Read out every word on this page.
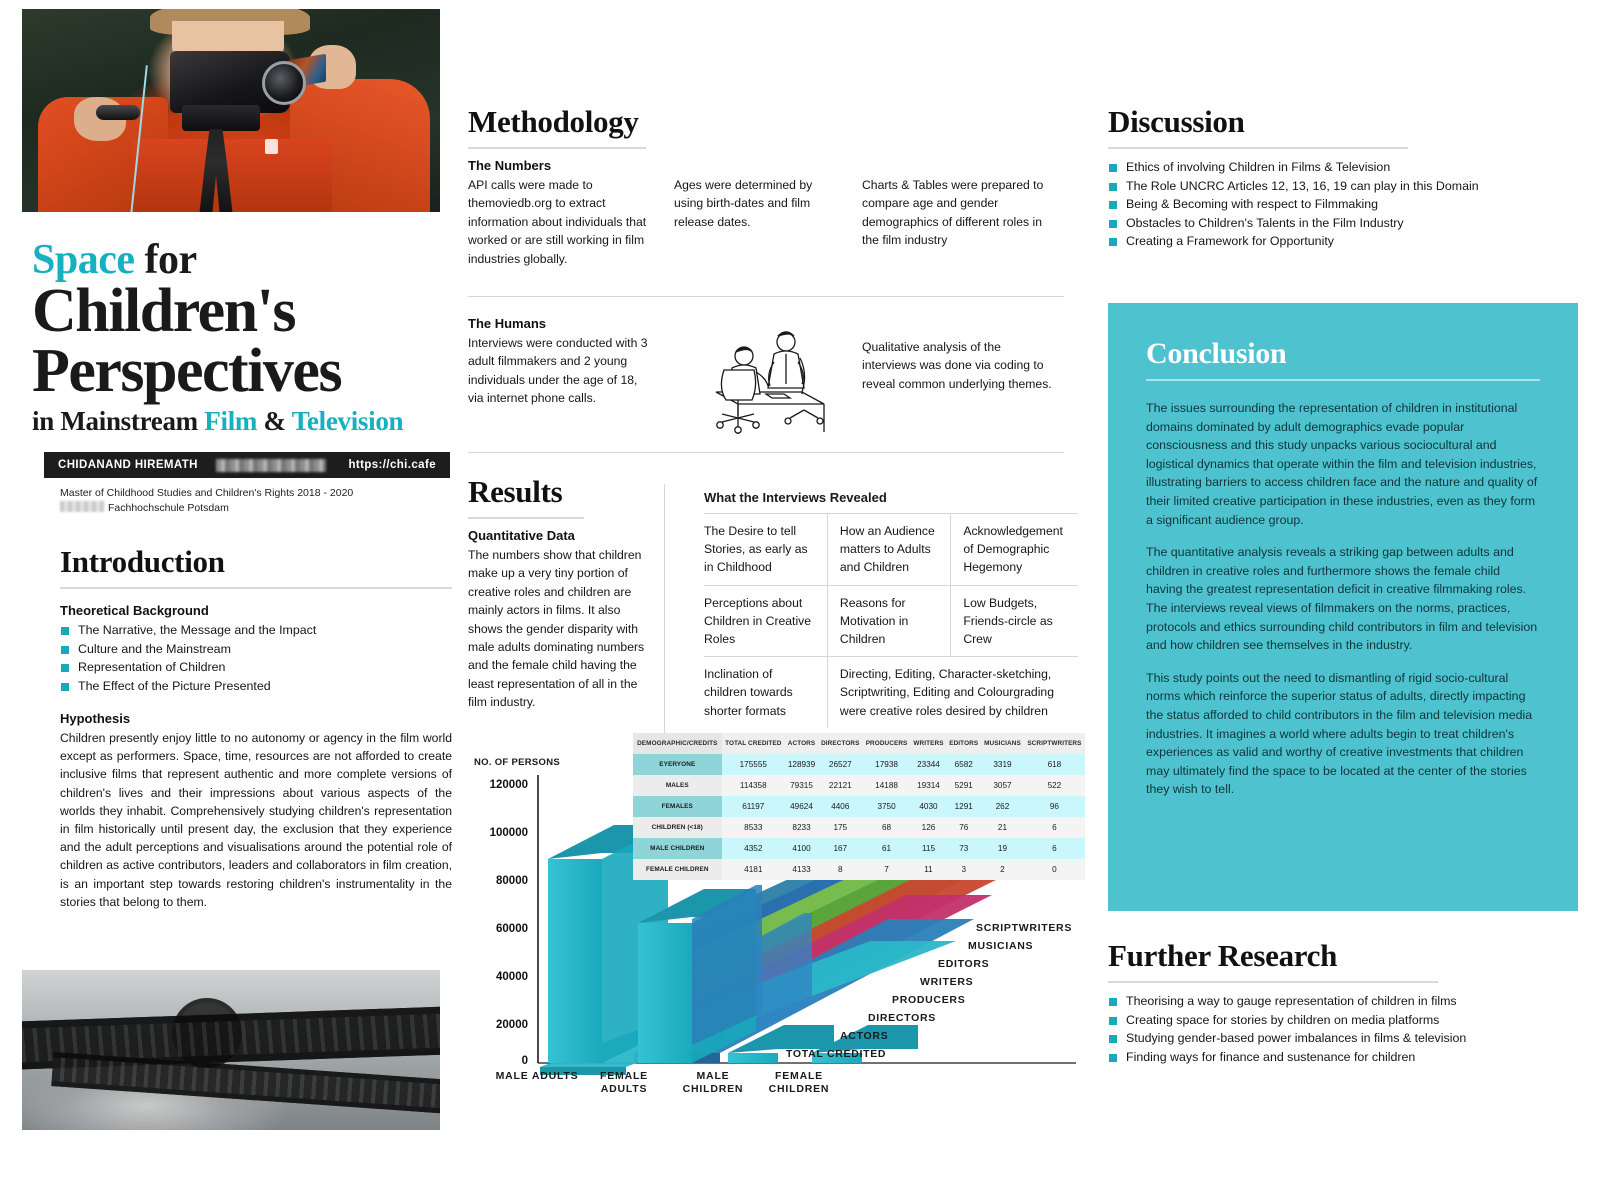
Space for
Children's
Perspectives
in Mainstream Film & Television
CHIDANAND HIREMATH	https://chi.cafe
Master of Childhood Studies and Children's Rights 2018 - 2020
Fachhochschule Potsdam
Introduction
Theoretical Background
The Narrative, the Message and the Impact
Culture and the Mainstream
Representation of Children
The Effect of the Picture Presented
Hypothesis
Children presently enjoy little to no autonomy or agency in the film world except as performers. Space, time, resources are not afforded to create inclusive films that represent authentic and more complete versions of children's lives and their impressions about various aspects of the worlds they inhabit. Comprehensively studying children's representation in film historically until present day, the exclusion that they experience and the adult perceptions and visualisations around the potential role of children as active contributors, leaders and collaborators in film creation, is an important step towards restoring children's instrumentality in the stories that belong to them.
Methodology
The Numbers
API calls were made to themoviedb.org to extract information about individuals that worked or are still working in film industries globally.
Ages were determined by using birth-dates and film release dates.
Charts & Tables were prepared to compare age and gender demographics of different roles in the film industry
The Humans
Interviews were conducted with 3 adult filmmakers and 2 young individuals under the age of 18, via internet phone calls.
Qualitative analysis of the interviews was done via coding to reveal common underlying themes.
Results
Quantitative Data
The numbers show that children make up a very tiny portion of creative roles and children are mainly actors in films. It also shows the gender disparity with male adults dominating numbers and the female child having the least representation of all in the film industry.
What the Interviews Revealed
The Desire to tell Stories, as early as in Childhood	How an Audience matters to Adults and Children	Acknowledgement of Demographic Hegemony
Perceptions about Children in Creative Roles	Reasons for Motivation in Children	Low Budgets, Friends-circle as Crew
Inclination of children towards shorter formats	Directing, Editing, Character-sketching, Scriptwriting, Editing and Colourgrading were creative roles desired by children	
NO. OF PERSONS
120000
100000
80000
60000
40000
20000
0
SCRIPTWRITERS
MUSICIANS
EDITORS
WRITERS
PRODUCERS
DIRECTORS
ACTORS
TOTAL CREDITED
MALE ADULTS	FEMALE ADULTS
MALE CHILDREN
FEMALE CHILDREN
DEMOGRAPHIC/CREDITS	TOTAL CREDITED	ACTORS	DIRECTORS	PRODUCERS	WRITERS	EDITORS	MUSICIANS	SCRIPTWRITERS
EYERYONE	175555	128939	26527	17938	23344	6582	3319	618
MALES	114358	79315	22121	14188	19314	5291	3057	522
FEMALES	61197	49624	4406	3750	4030	1291	262	96
CHILDREN (<18)	8533	8233	175	68	126	76	21	6
MALE CHILDREN	4352	4100	167	61	115	73	19	6
FEMALE CHILDREN	4181	4133	8	7	11	3	2	0
Discussion
Ethics of involving Children in Films & Television
The Role UNCRC Articles 12, 13, 16, 19 can play in this Domain
Being & Becoming with respect to Filmmaking
Obstacles to Children's Talents in the Film Industry
Creating a Framework for Opportunity
Conclusion

The issues surrounding the representation of children in institutional domains dominated by adult demographics evade popular consciousness and this study unpacks various sociocultural and logistical dynamics that operate within the film and television industries, illustrating barriers to access children face and the nature and quality of their limited creative participation in these industries, even as they form a significant audience group.

The quantitative analysis reveals a striking gap between adults and children in creative roles and furthermore shows the female child having the greatest representation deficit in creative filmmaking roles. The interviews reveal views of filmmakers on the norms, practices, protocols and ethics surrounding child contributors in film and television and how children see themselves in the industry.

This study points out the need to dismantling of rigid socio-cultural norms which reinforce the superior status of adults, directly impacting the status afforded to child contributors in the film and television media industries. It imagines a world where adults begin to treat children's experiences as valid and worthy of creative investments that children may ultimately find the space to be located at the center of the stories they wish to tell.

Further Research
Theorising a way to gauge representation of children in films
Creating space for stories by children on media platforms
Studying gender-based power imbalances in films & television
Finding ways for finance and sustenance for children
